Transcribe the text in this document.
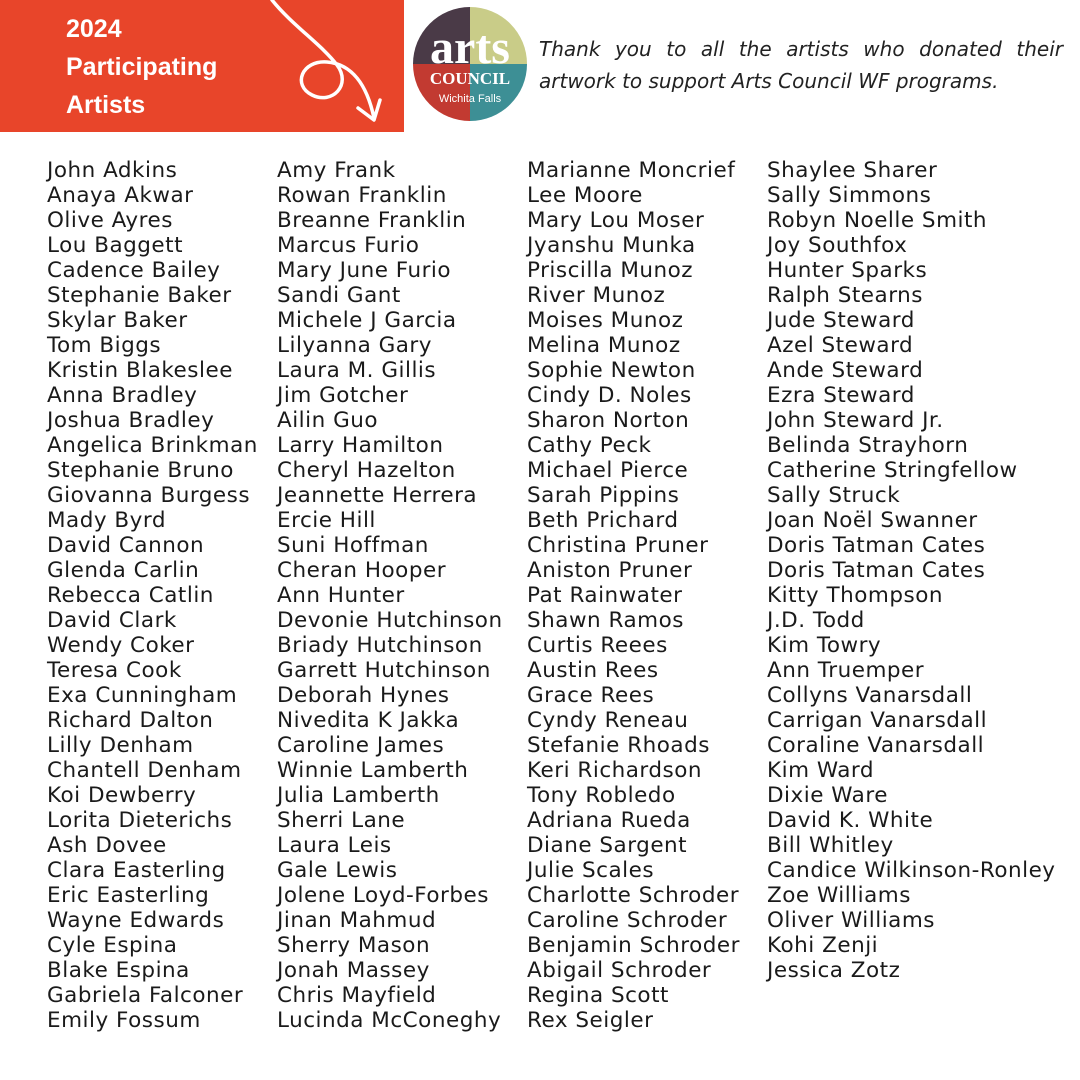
2024
Participating
Artists
arts
COUNCIL
Wichita Falls
Thank you to all the artists who donated their artwork to support Arts Council WF programs.
John Adkins
Anaya Akwar
Olive Ayres
Lou Baggett
Cadence Bailey
Stephanie Baker
Skylar Baker
Tom Biggs
Kristin Blakeslee
Anna Bradley
Joshua Bradley
Angelica Brinkman
Stephanie Bruno
Giovanna Burgess
Mady Byrd
David Cannon
Glenda Carlin
Rebecca Catlin
David Clark
Wendy Coker
Teresa Cook
Exa Cunningham
Richard Dalton
Lilly Denham
Chantell Denham
Koi Dewberry
Lorita Dieterichs
Ash Dovee
Clara Easterling
Eric Easterling
Wayne Edwards
Cyle Espina
Blake Espina
Gabriela Falconer
Emily Fossum
Amy Frank
Rowan Franklin
Breanne Franklin
Marcus Furio
Mary June Furio
Sandi Gant
Michele J Garcia
Lilyanna Gary
Laura M. Gillis
Jim Gotcher
Ailin Guo
Larry Hamilton
Cheryl Hazelton
Jeannette Herrera
Ercie Hill
Suni Hoffman
Cheran Hooper
Ann Hunter
Devonie Hutchinson
Briady Hutchinson
Garrett Hutchinson
Deborah Hynes
Nivedita K Jakka
Caroline James
Winnie Lamberth
Julia Lamberth
Sherri Lane
Laura Leis
Gale Lewis
Jolene Loyd-Forbes
Jinan Mahmud
Sherry Mason
Jonah Massey
Chris Mayfield
Lucinda McConeghy
Marianne Moncrief
Lee Moore
Mary Lou Moser
Jyanshu Munka
Priscilla Munoz
River Munoz
Moises Munoz
Melina Munoz
Sophie Newton
Cindy D. Noles
Sharon Norton
Cathy Peck
Michael Pierce
Sarah Pippins
Beth Prichard
Christina Pruner
Aniston Pruner
Pat Rainwater
Shawn Ramos
Curtis Reees
Austin Rees
Grace Rees
Cyndy Reneau
Stefanie Rhoads
Keri Richardson
Tony Robledo
Adriana Rueda
Diane Sargent
Julie Scales
Charlotte Schroder
Caroline Schroder
Benjamin Schroder
Abigail Schroder
Regina Scott
Rex Seigler
Shaylee Sharer
Sally Simmons
Robyn Noelle Smith
Joy Southfox
Hunter Sparks
Ralph Stearns
Jude Steward
Azel Steward
Ande Steward
Ezra Steward
John Steward Jr.
Belinda Strayhorn
Catherine Stringfellow
Sally Struck
Joan Noël Swanner
Doris Tatman Cates
Doris Tatman Cates
Kitty Thompson
J.D. Todd
Kim Towry
Ann Truemper
Collyns Vanarsdall
Carrigan Vanarsdall
Coraline Vanarsdall
Kim Ward
Dixie Ware
David K. White
Bill Whitley
Candice Wilkinson-Ronley
Zoe Williams
Oliver Williams
Kohi Zenji
Jessica Zotz
